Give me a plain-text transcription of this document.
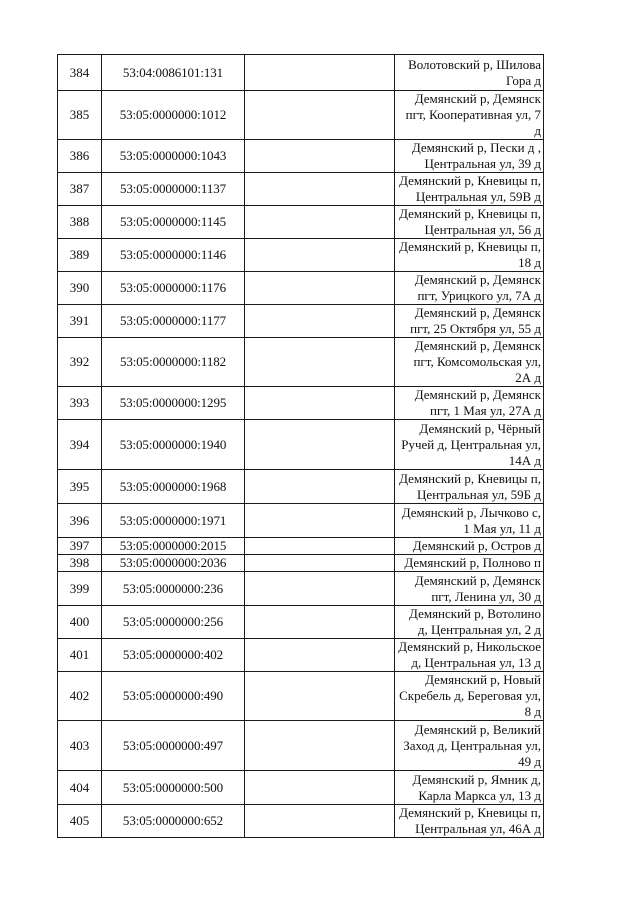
384	53:04:0086101:131		Волотовский р, Шилова Гора д
385	53:05:0000000:1012		Демянский р, Демянск пгт, Кооперативная ул, 7 д
386	53:05:0000000:1043		Демянский р, Пески д , Центральная ул, 39 д
387	53:05:0000000:1137		Демянский р, Кневицы п, Центральная ул, 59В д
388	53:05:0000000:1145		Демянский р, Кневицы п, Центральная ул, 56 д
389	53:05:0000000:1146		Демянский р, Кневицы п, 18 д
390	53:05:0000000:1176		Демянский р, Демянск пгт, Урицкого ул, 7А д
391	53:05:0000000:1177		Демянский р, Демянск пгт, 25 Октября ул, 55 д
392	53:05:0000000:1182		Демянский р, Демянск пгт, Комсомольская ул, 2А д
393	53:05:0000000:1295		Демянский р, Демянск пгт, 1 Мая ул, 27А д
394	53:05:0000000:1940		Демянский р, Чёрный Ручей д, Центральная ул, 14А д
395	53:05:0000000:1968		Демянский р, Кневицы п, Центральная ул, 59Б д
396	53:05:0000000:1971		Демянский р, Лычково с, 1 Мая ул, 11 д
397	53:05:0000000:2015		Демянский р, Остров д
398	53:05:0000000:2036		Демянский р, Полново п
399	53:05:0000000:236		Демянский р, Демянск пгт, Ленина ул, 30 д
400	53:05:0000000:256		Демянский р, Вотолино д, Центральная ул, 2 д
401	53:05:0000000:402		Демянский р, Никольское д, Центральная ул, 13 д
402	53:05:0000000:490		Демянский р, Новый Скребель д, Береговая ул, 8 д
403	53:05:0000000:497		Демянский р, Великий Заход д, Центральная ул, 49 д
404	53:05:0000000:500		Демянский р, Ямник д, Карла Маркса ул, 13 д
405	53:05:0000000:652		Демянский р, Кневицы п, Центральная ул, 46А д
